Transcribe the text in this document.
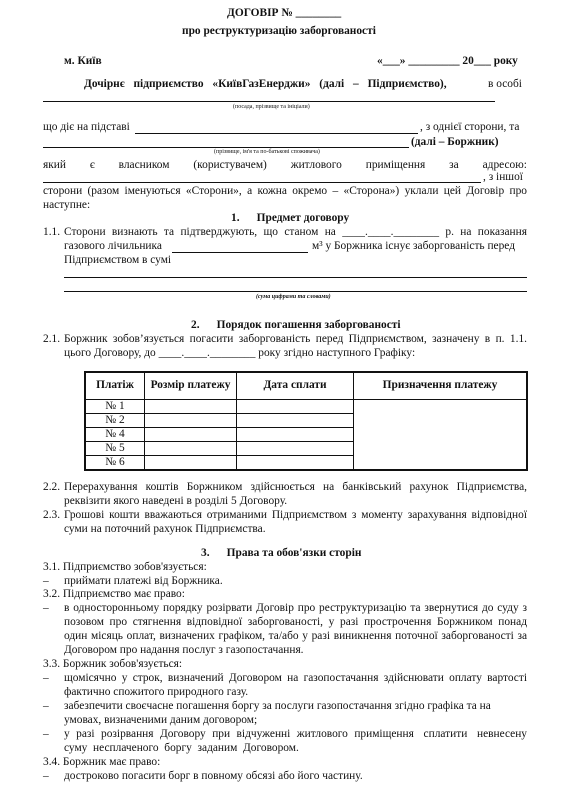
ДОГОВІР № ________
про реструктуризацію заборгованості
м. Київ	«___» _________ 20___ року
Дочірнє підприємство «КиївГазЕнерджи» (далі – Підприємство),	в особі
(посада, прізвище та ініціали)
що діє на підставі	, з однієї сторони, та
(далі – Боржник)
(прізвище, ім'я та по-батькові споживача)
який є власником (користувачем) житлового приміщення за адресою:
, з іншої
сторони (разом іменуються «Сторони», а кожна окремо – «Сторона») уклали цей Договір про
наступне:
1.      Предмет договору
1.1. Сторони визнають та підтверджують, що станом на ____.____.________ р. на показання
газового лічильника	м³ у Боржника існує заборгованість перед
Підприємством в сумі
(сума цифрами та словами)
2.      Порядок погашення заборгованості
2.1. Боржник зобов’язується погасити заборгованість перед Підприємством, зазначену в п. 1.1.
цього Договору, до ____.____.________ року згідно наступного Графіку:
Платіж	Розмір платежу	Дата сплати	Призначення платежу
№ 1			
№ 2			
№ 4			
№ 5			
№ 6			
2.2. Перерахування коштів Боржником здійснюється на банківський рахунок Підприємства,
реквізити якого наведені в розділі 5 Договору.
2.3. Грошові кошти вважаються отриманими Підприємством з моменту зарахування відповідної
суми на поточний рахунок Підприємства.
3.      Права та обов'язки сторін
3.1. Підприємство зобов'язується:
– приймати платежі від Боржника.
3.2. Підприємство має право:
– в односторонньому порядку розірвати Договір про реструктуризацію та звернутися до суду з
позовом про стягнення відповідної заборгованості, у разі прострочення Боржником понад
один місяць оплат, визначених графіком, та/або у разі виникнення поточної заборгованості за
Договором про надання послуг з газопостачання.
3.3. Боржник зобов'язується:
– щомісячно у строк, визначений Договором на газопостачання здійснювати оплату вартості
фактично спожитого природного газу.
– забезпечити своєчасне погашення боргу за послуги газопостачання згідно графіка та на
умовах, визначеними даним договором;
– у  разі  розірвання  Договору  при  відчуженні  житлового  приміщення   сплатити   невнесену
суму  несплаченого  боргу  заданим  Договором.
3.4. Боржник має право:
– достроково погасити борг в повному обсязі або його частину.
